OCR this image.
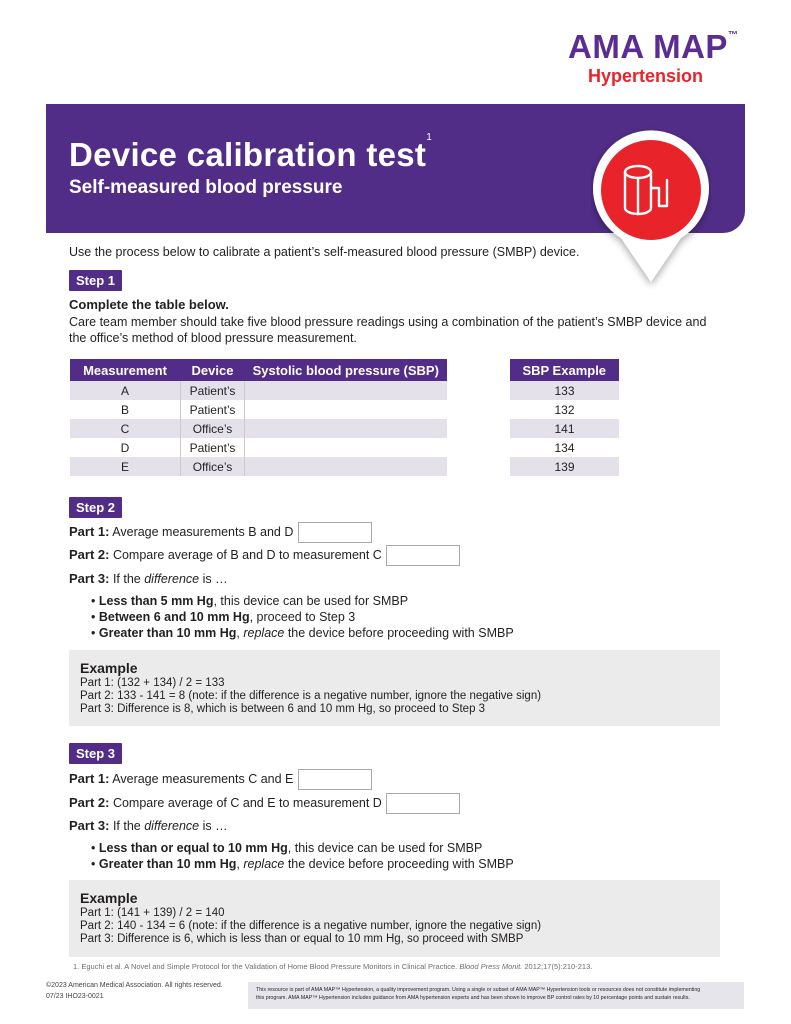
AMA MAP™
Hypertension
Device calibration test$^1$
Self-measured blood pressure
Use the process below to calibrate a patient’s self-measured blood pressure (SMBP) device.
Step 1
Complete the table below.
Care team member should take five blood pressure readings using a combination of the patient’s SMBP device and
the office’s method of blood pressure measurement.
Measurement	Device	Systolic blood pressure (SBP)
A	Patient’s	
B	Patient’s	
C	Office’s	
D	Patient’s	
E	Office’s	
SBP Example
133
132
141
134
139
Step 2
Part 1: Average measurements B and D
Part 2: Compare average of B and D to measurement C
Part 3: If the difference is …
• Less than 5 mm Hg, this device can be used for SMBP
• Between 6 and 10 mm Hg, proceed to Step 3
• Greater than 10 mm Hg, replace the device before proceeding with SMBP
Example
Part 1: (132 + 134) / 2 = 133
Part 2: 133 - 141 = 8 (note: if the difference is a negative number, ignore the negative sign)
Part 3: Difference is 8, which is between 6 and 10 mm Hg, so proceed to Step 3
Step 3
Part 1: Average measurements C and E
Part 2: Compare average of C and E to measurement D
Part 3: If the difference is …
• Less than or equal to 10 mm Hg, this device can be used for SMBP
• Greater than 10 mm Hg, replace the device before proceeding with SMBP
Example
Part 1: (141 + 139) / 2 = 140
Part 2: 140 - 134 = 6 (note: if the difference is a negative number, ignore the negative sign)
Part 3: Difference is 6, which is less than or equal to 10 mm Hg, so proceed with SMBP
1. Eguchi et al. A Novel and Simple Protocol for the Validation of Home Blood Pressure Monitors in Clinical Practice. Blood Press Monit. 2012;17(5):210-213.
©2023 American Medical Association. All rights reserved.
07/23 IHO23-0021
This resource is part of AMA MAP™ Hypertension, a quality improvement program. Using a single or subset of AMA MAP™ Hypertension tools or resources does not constitute implementing
this program. AMA MAP™ Hypertension includes guidance from AMA hypertension experts and has been shown to improve BP control rates by 10 percentage points and sustain results.
